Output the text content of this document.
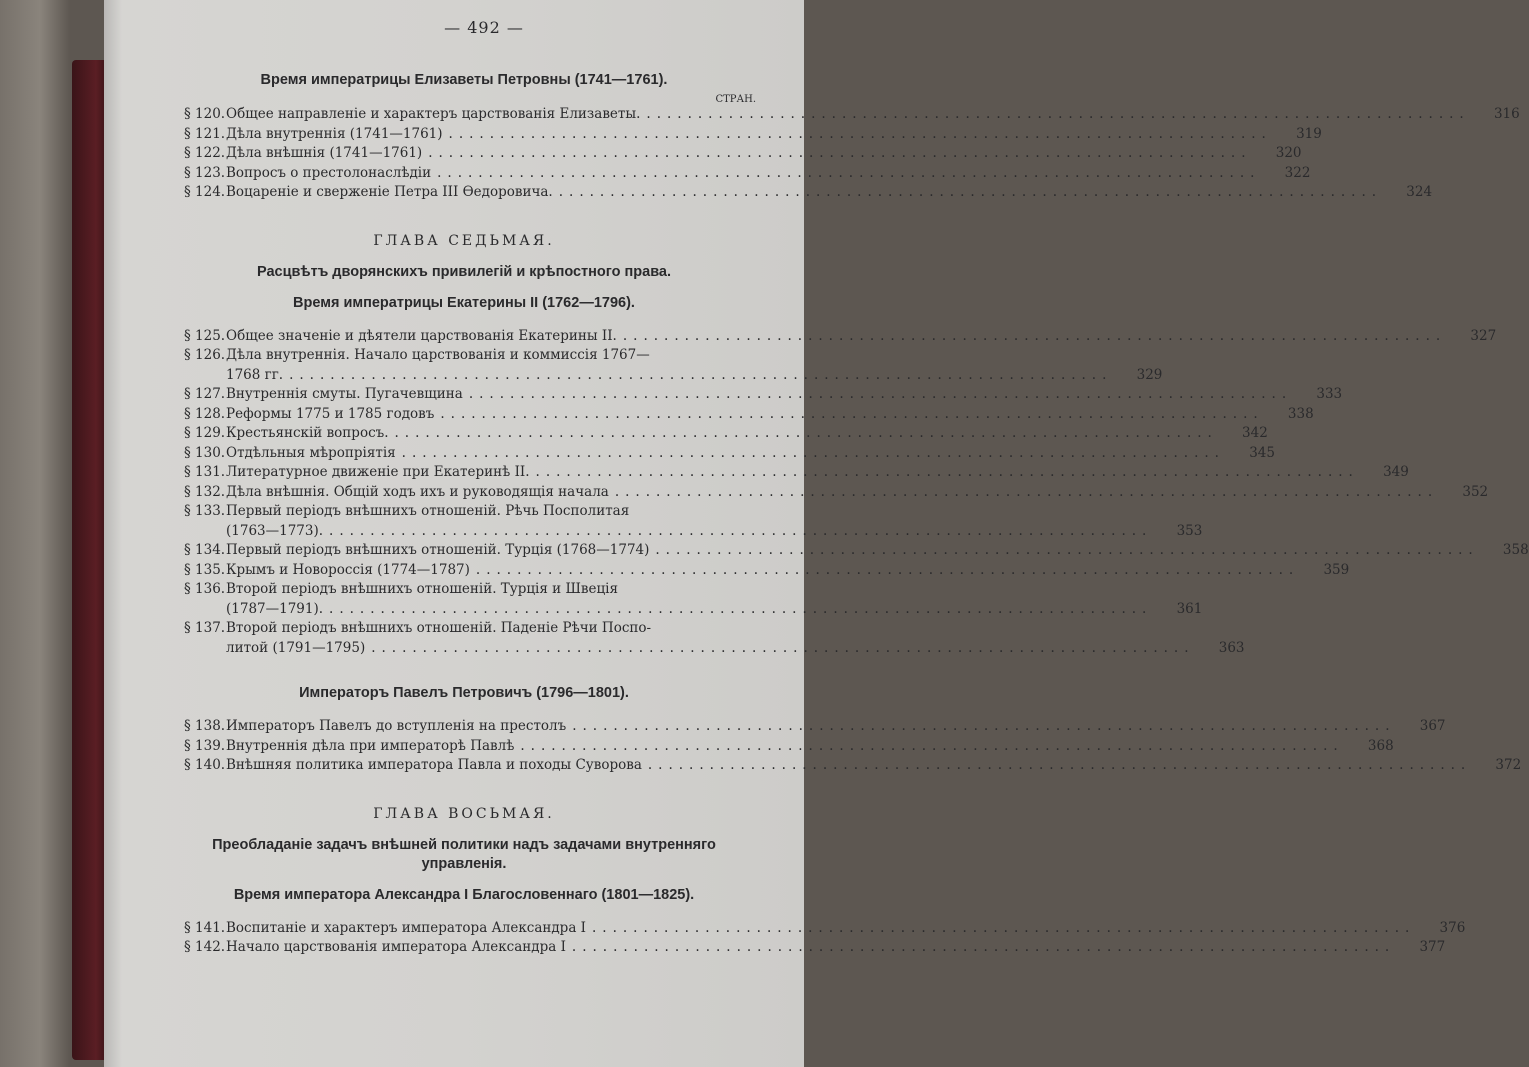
— 492 —
Время императрицы Елизаветы Петровны (1741—1761).
СТРАН.
§ 120. Общее направленіе и характеръ царствованія Елизаветы. ................................................................................	316
§ 121. Дѣла внутреннія (1741—1761) ................................................................................	319
§ 122. Дѣла внѣшнія (1741—1761) ................................................................................	320
§ 123. Вопросъ о престолонаслѣдіи ................................................................................	322
§ 124. Воцареніе и сверженіе Петра III Өедоровича. ................................................................................	324
ГЛАВА СЕДЬМАЯ.
Расцвѣтъ дворянскихъ привилегій и крѣпостного права.
Время императрицы Екатерины II (1762—1796).
§ 125. Общее значеніе и дѣятели царствованія Екатерины II. ................................................................................	327
§ 126. Дѣла внутреннія. Начало царствованія и коммиссія 1767—
1768 гг. ................................................................................	329
§ 127. Внутреннія смуты. Пугачевщина ................................................................................	333
§ 128. Реформы 1775 и 1785 годовъ ................................................................................	338
§ 129. Крестьянскій вопросъ. ................................................................................	342
§ 130. Отдѣльныя мѣропріятія ................................................................................	345
§ 131. Литературное движеніе при Екатеринѣ II. ................................................................................	349
§ 132. Дѣла внѣшнія. Общій ходъ ихъ и руководящія начала ................................................................................	352
§ 133. Первый періодъ внѣшнихъ отношеній. Рѣчь Посполитая
(1763—1773). ................................................................................	353
§ 134. Первый періодъ внѣшнихъ отношеній. Турція (1768—1774) ................................................................................	358
§ 135. Крымъ и Новороссія (1774—1787) ................................................................................	359
§ 136. Второй періодъ внѣшнихъ отношеній. Турція и Швеція
(1787—1791). ................................................................................	361
§ 137. Второй періодъ внѣшнихъ отношеній. Паденіе Рѣчи Поспо-
литой (1791—1795) ................................................................................	363
Императоръ Павелъ Петровичъ (1796—1801).
§ 138. Императоръ Павелъ до вступленія на престолъ ................................................................................	367
§ 139. Внутреннія дѣла при императорѣ Павлѣ ................................................................................	368
§ 140. Внѣшняя политика императора Павла и походы Суворова ................................................................................	372
ГЛАВА ВОСЬМАЯ.
Преобладаніе задачъ внѣшней политики надъ задачами внутренняго управленія.
Время императора Александра I Благословеннаго (1801—1825).
§ 141. Воспитаніе и характеръ императора Александра I ................................................................................	376
§ 142. Начало царствованія императора Александра I ................................................................................	377
